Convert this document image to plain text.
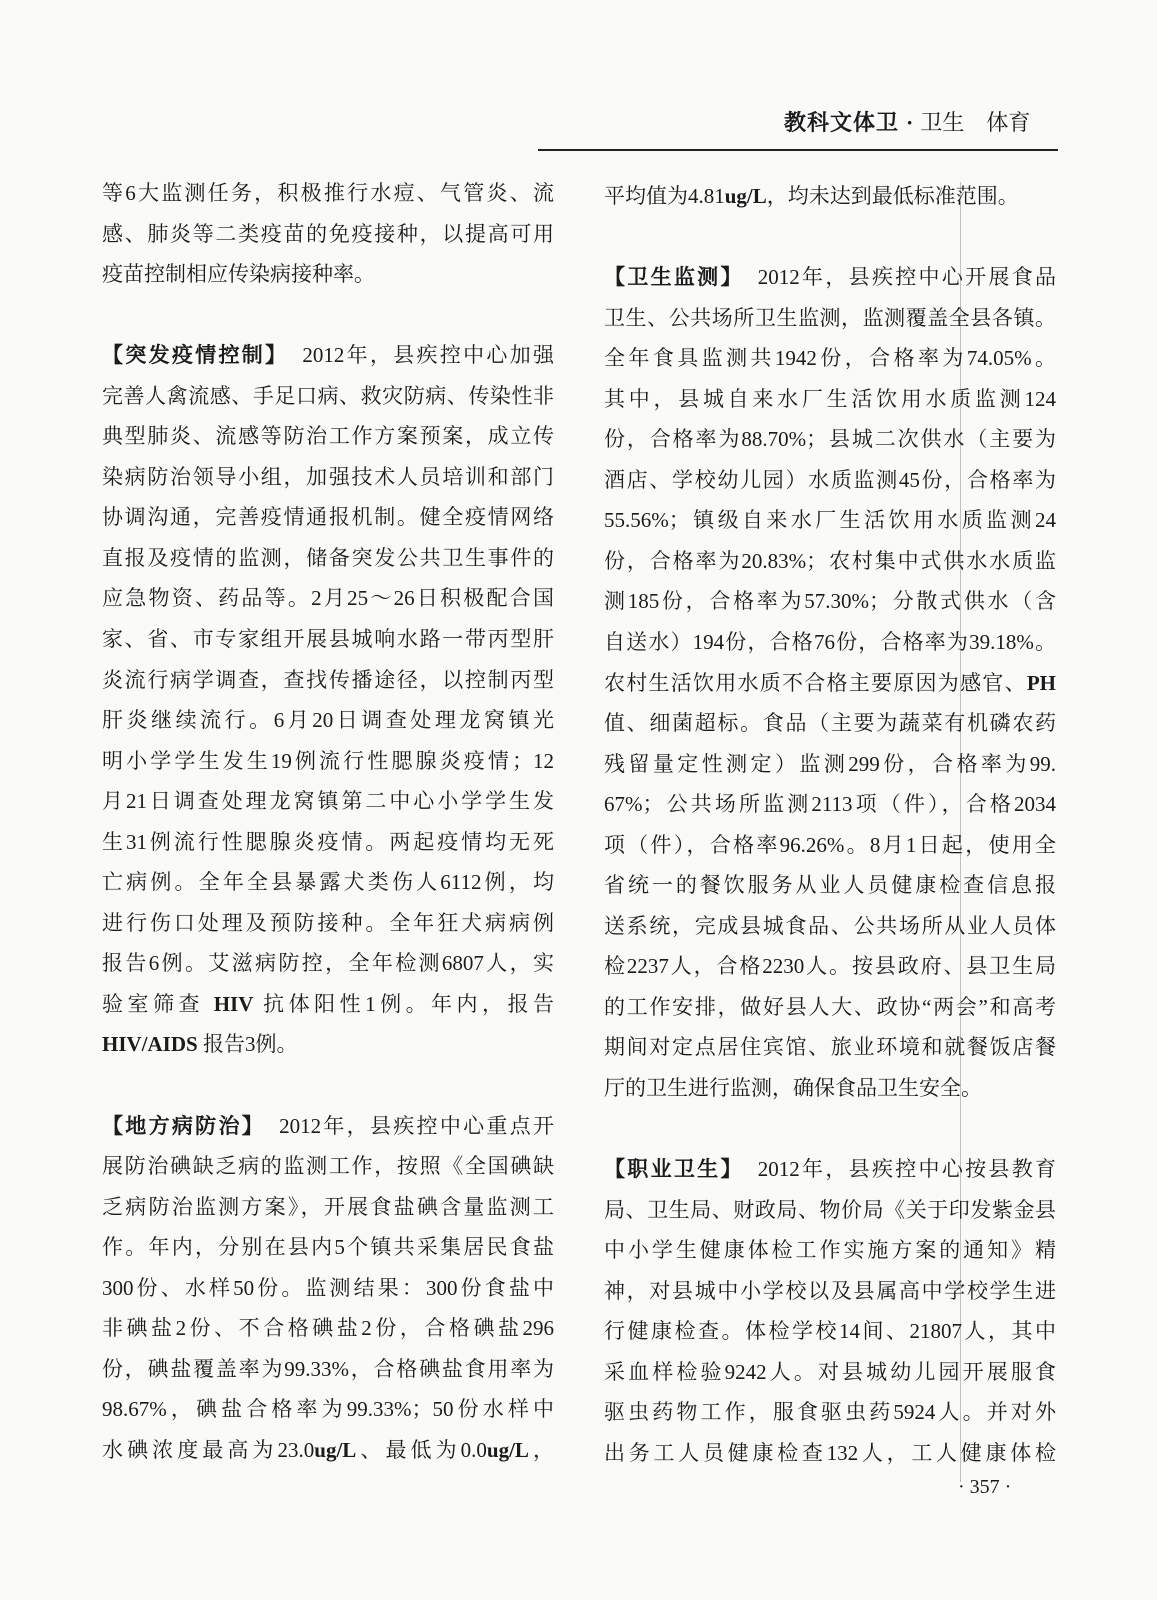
教科文体卫 · 卫生 体育
等6大监测任务，积极推行水痘、气管炎、流
感、肺炎等二类疫苗的免疫接种，以提高可用
疫苗控制相应传染病接种率。
【突发疫情控制】 2012年，县疾控中心加强
完善人禽流感、手足口病、救灾防病、传染性非
典型肺炎、流感等防治工作方案预案，成立传
染病防治领导小组，加强技术人员培训和部门
协调沟通，完善疫情通报机制。健全疫情网络
直报及疫情的监测，储备突发公共卫生事件的
应急物资、药品等。2月25～26日积极配合国
家、省、市专家组开展县城响水路一带丙型肝
炎流行病学调查，查找传播途径，以控制丙型
肝炎继续流行。6月20日调查处理龙窝镇光
明小学学生发生19例流行性腮腺炎疫情；12
月21日调查处理龙窝镇第二中心小学学生发
生31例流行性腮腺炎疫情。两起疫情均无死
亡病例。全年全县暴露犬类伤人6112例，均
进行伤口处理及预防接种。全年狂犬病病例
报告6例。艾滋病防控，全年检测6807人，实
验室筛查 HIV 抗体阳性1例。年内，报告
HIV/AIDS 报告3例。
【地方病防治】 2012年，县疾控中心重点开
展防治碘缺乏病的监测工作，按照《全国碘缺
乏病防治监测方案》，开展食盐碘含量监测工
作。年内，分别在县内5个镇共采集居民食盐
300份、水样50份。监测结果：300份食盐中
非碘盐2份、不合格碘盐2份，合格碘盐296
份，碘盐覆盖率为99.33%，合格碘盐食用率为
98.67%，碘盐合格率为99.33%；50份水样中
水碘浓度最高为23.0ug/L、最低为0.0ug/L，
平均值为4.81ug/L，均未达到最低标准范围。
【卫生监测】 2012年，县疾控中心开展食品
卫生、公共场所卫生监测，监测覆盖全县各镇。
全年食具监测共1942份，合格率为74.05%。
其中，县城自来水厂生活饮用水质监测124
份，合格率为88.70%；县城二次供水（主要为
酒店、学校幼儿园）水质监测45份，合格率为
55.56%；镇级自来水厂生活饮用水质监测24
份，合格率为20.83%；农村集中式供水水质监
测185份，合格率为57.30%；分散式供水（含
自送水）194份，合格76份，合格率为39.18%。
农村生活饮用水质不合格主要原因为感官、PH
值、细菌超标。食品（主要为蔬菜有机磷农药
残留量定性测定）监测299份，合格率为99.
67%；公共场所监测2113项（件），合格2034
项（件），合格率96.26%。8月1日起，使用全
省统一的餐饮服务从业人员健康检查信息报
送系统，完成县城食品、公共场所从业人员体
检2237人，合格2230人。按县政府、县卫生局
的工作安排，做好县人大、政协“两会”和高考
期间对定点居住宾馆、旅业环境和就餐饭店餐
厅的卫生进行监测，确保食品卫生安全。
【职业卫生】 2012年，县疾控中心按县教育
局、卫生局、财政局、物价局《关于印发紫金县
中小学生健康体检工作实施方案的通知》精
神，对县城中小学校以及县属高中学校学生进
行健康检查。体检学校14间、21807人，其中
采血样检验9242人。对县城幼儿园开展服食
驱虫药物工作，服食驱虫药5924人。并对外
出务工人员健康检查132人，工人健康体检
· 357 ·
